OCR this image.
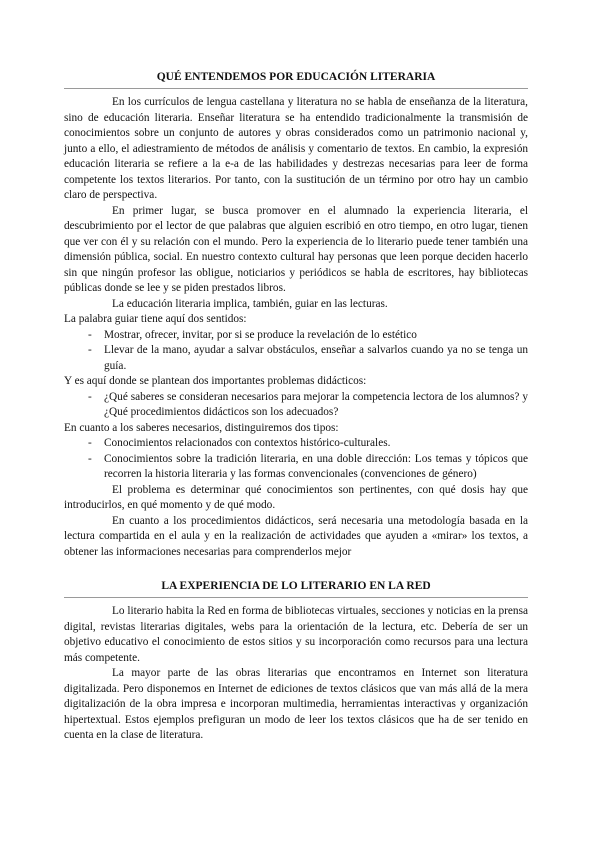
QUÉ ENTENDEMOS POR EDUCACIÓN LITERARIA

En los currículos de lengua castellana y literatura no se habla de enseñanza de la literatura, sino de educación literaria. Enseñar literatura se ha entendido tradicionalmente la transmisión de conocimientos sobre un conjunto de autores y obras considerados como un patrimonio nacional y, junto a ello, el adiestramiento de métodos de análisis y comentario de textos. En cambio, la expresión educación literaria se refiere a la e-a de las habilidades y destrezas necesarias para leer de forma competente los textos literarios. Por tanto, con la sustitución de un término por otro hay un cambio claro de perspectiva.

En primer lugar, se busca promover en el alumnado la experiencia literaria, el descubrimiento por el lector de que palabras que alguien escribió en otro tiempo, en otro lugar, tienen que ver con él y su relación con el mundo. Pero la experiencia de lo literario puede tener también una dimensión pública, social. En nuestro contexto cultural hay personas que leen porque deciden hacerlo sin que ningún profesor las obligue, noticiarios y periódicos se habla de escritores, hay bibliotecas públicas donde se lee y se piden prestados libros.

La educación literaria implica, también, guiar en las lecturas.

La palabra guiar tiene aquí dos sentidos:

- Mostrar, ofrecer, invitar, por si se produce la revelación de lo estético
- Llevar de la mano, ayudar a salvar obstáculos, enseñar a salvarlos cuando ya no se tenga un guía.

Y es aquí donde se plantean dos importantes problemas didácticos:

- ¿Qué saberes se consideran necesarios para mejorar la competencia lectora de los alumnos? y ¿Qué procedimientos didácticos son los adecuados?

En cuanto a los saberes necesarios, distinguiremos dos tipos:

- Conocimientos relacionados con contextos histórico-culturales.
- Conocimientos sobre la tradición literaria, en una doble dirección: Los temas y tópicos que recorren la historia literaria y las formas convencionales (convenciones de género)

El problema es determinar qué conocimientos son pertinentes, con qué dosis hay que introducirlos, en qué momento y de qué modo.

En cuanto a los procedimientos didácticos, será necesaria una metodología basada en la lectura compartida en el aula y en la realización de actividades que ayuden a «mirar» los textos, a obtener las informaciones necesarias para comprenderlos mejor

LA EXPERIENCIA DE LO LITERARIO EN LA RED

Lo literario habita la Red en forma de bibliotecas virtuales, secciones y noticias en la prensa digital, revistas literarias digitales, webs para la orientación de la lectura, etc. Debería de ser un objetivo educativo el conocimiento de estos sitios y su incorporación como recursos para una lectura más competente.

La mayor parte de las obras literarias que encontramos en Internet son literatura digitalizada. Pero disponemos en Internet de ediciones de textos clásicos que van más allá de la mera digitalización de la obra impresa e incorporan multimedia, herramientas interactivas y organización hipertextual. Estos ejemplos prefiguran un modo de leer los textos clásicos que ha de ser tenido en cuenta en la clase de literatura.
